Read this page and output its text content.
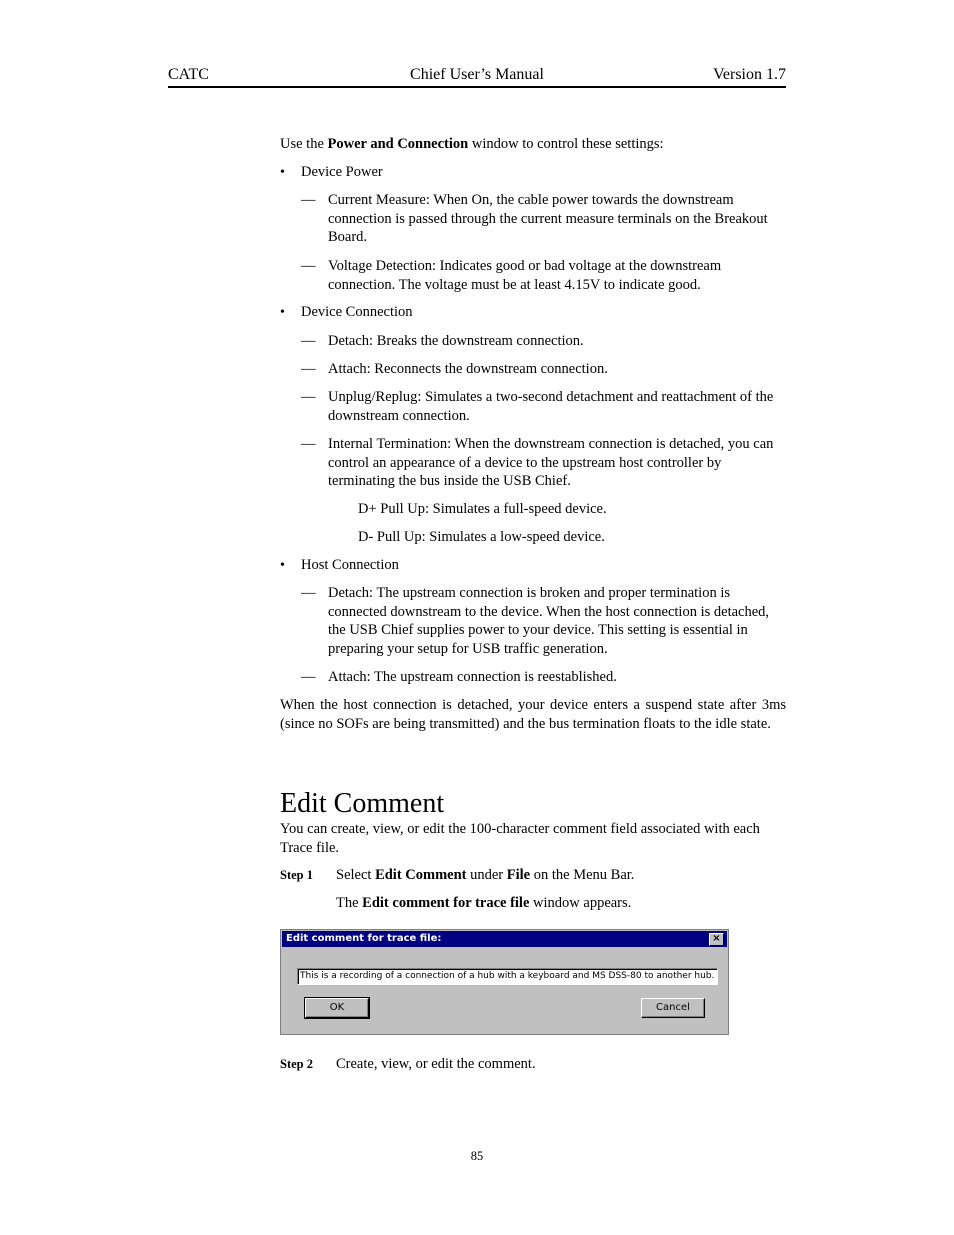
CATC	Chief User’s Manual	Version 1.7
Use the Power and Connection window to control these settings:
• Device Power
— Current Measure: When On, the cable power towards the downstream connection is passed through the current measure terminals on the Breakout Board.
— Voltage Detection: Indicates good or bad voltage at the downstream connection. The voltage must be at least 4.15V to indicate good.
• Device Connection
— Detach: Breaks the downstream connection.
— Attach: Reconnects the downstream connection.
— Unplug/Replug: Simulates a two-second detachment and reattachment of the downstream connection.
— Internal Termination: When the downstream connection is detached, you can control an appearance of a device to the upstream host controller by terminating the bus inside the USB Chief.
D+ Pull Up: Simulates a full-speed device.
D- Pull Up: Simulates a low-speed device.
• Host Connection
— Detach: The upstream connection is broken and proper termination is connected downstream to the device. When the host connection is detached, the USB Chief supplies power to your device. This setting is essential in preparing your setup for USB traffic generation.
— Attach: The upstream connection is reestablished.
When the host connection is detached, your device enters a suspend state after 3ms (since no SOFs are being transmitted) and the bus termination floats to the idle state.
Edit Comment
You can create, view, or edit the 100-character comment field associated with each Trace file.
Step 1 Select Edit Comment under File on the Menu Bar.
The Edit comment for trace file window appears.
Edit comment for trace file:	×
This is a recording of a connection of a hub with a keyboard and MS DSS-80 to another hub.
OK	Cancel
Step 2 Create, view, or edit the comment.
85
